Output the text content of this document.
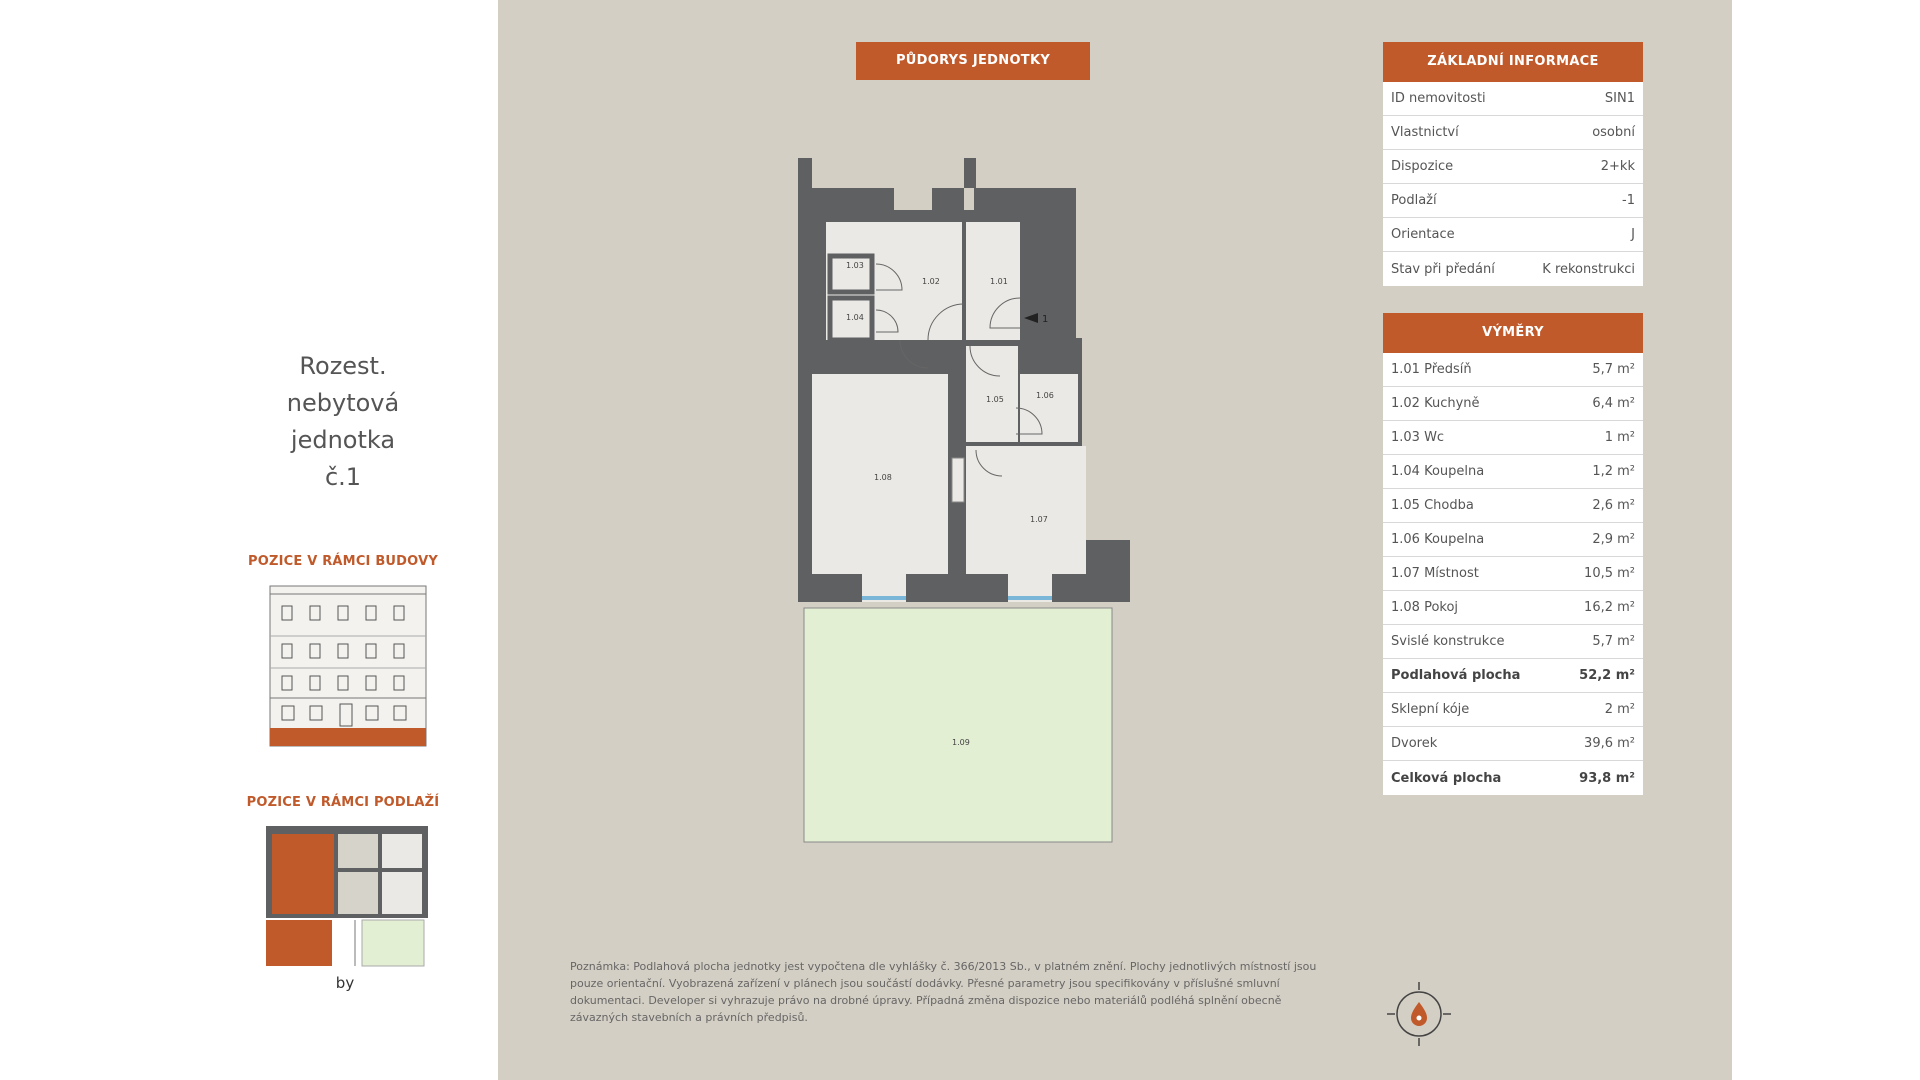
Rozest.
nebytová
jednotka
č.1
POZICE V RÁMCI BUDOVY
POZICE V RÁMCI PODLAŽÍ
by
PŮDORYS JEDNOTKY
1
1.01
1.02
1.03
1.04
1.05	1.06
1.07
1.08
1.09
ZÁKLADNÍ INFORMACE
ID nemovitosti	SIN1
Vlastnictví	osobní
Dispozice	2+kk
Podlaží	-1
Orientace	J
Stav při předání	K rekonstrukci
VÝMĚRY
1.01 Předsíň	5,7 m²
1.02 Kuchyně	6,4 m²
1.03 Wc	1 m²
1.04 Koupelna	1,2 m²
1.05 Chodba	2,6 m²
1.06 Koupelna	2,9 m²
1.07 Místnost	10,5 m²
1.08 Pokoj	16,2 m²
Svislé konstrukce	5,7 m²
Podlahová plocha	52,2 m²
Sklepní kóje	2 m²
Dvorek	39,6 m²
Celková plocha	93,8 m²
Poznámka: Podlahová plocha jednotky jest vypočtena dle vyhlášky č. 366/2013 Sb., v platném znění. Plochy jednotlivých místností jsou pouze orientační. Vyobrazená zařízení v plánech jsou součástí dodávky. Přesné parametry jsou specifikovány v příslušné smluvní dokumentaci. Developer si vyhrazuje právo na drobné úpravy. Případná změna dispozice nebo materiálů podléhá splnění obecně závazných stavebních a právních předpisů.
